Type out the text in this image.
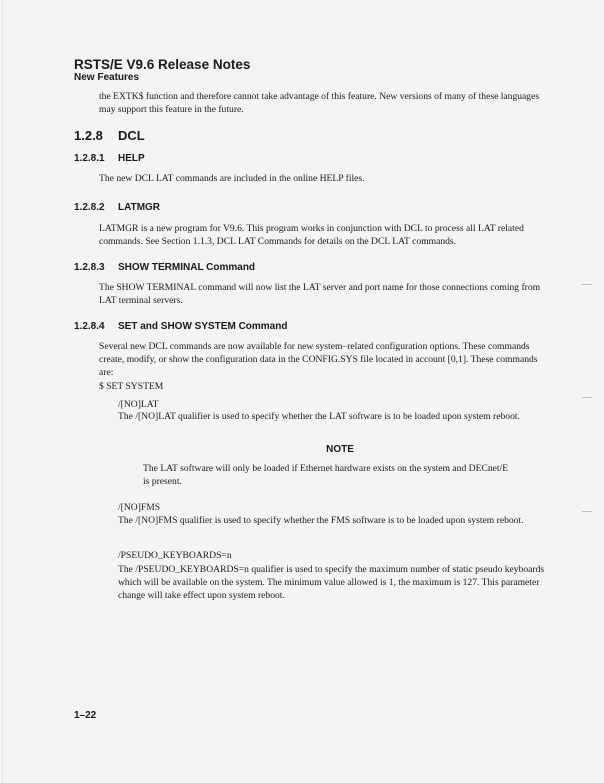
RSTS/E V9.6 Release Notes
New Features
the EXTK$ function and therefore cannot take advantage of this feature. New versions of many of these languages may support this feature in the future.
1.2.8 DCL
1.2.8.1 HELP
The new DCL LAT commands are included in the online HELP files.
1.2.8.2 LATMGR
LATMGR is a new program for V9.6. This program works in conjunction with DCL to process all LAT related commands. See Section 1.1.3, DCL LAT Commands for details on the DCL LAT commands.
1.2.8.3 SHOW TERMINAL Command
The SHOW TERMINAL command will now list the LAT server and port name for those connections coming from LAT terminal servers.
1.2.8.4 SET and SHOW SYSTEM Command
Several new DCL commands are now available for new system–related configuration options. These commands create, modify, or show the configuration data in the CONFIG.SYS file located in account [0,1]. These commands are:
$ SET SYSTEM
/[NO]LAT
The /[NO]LAT qualifier is used to specify whether the LAT software is to be loaded upon system reboot.
NOTE
The LAT software will only be loaded if Ethernet hardware exists on the system and DECnet/E is present.
/[NO]FMS
The /[NO]FMS qualifier is used to specify whether the FMS software is to be loaded upon system reboot.
/PSEUDO_KEYBOARDS=n
The /PSEUDO_KEYBOARDS=n qualifier is used to specify the maximum number of static pseudo keyboards which will be available on the system. The minimum value allowed is 1, the maximum is 127. This parameter change will take effect upon system reboot.
1–22
